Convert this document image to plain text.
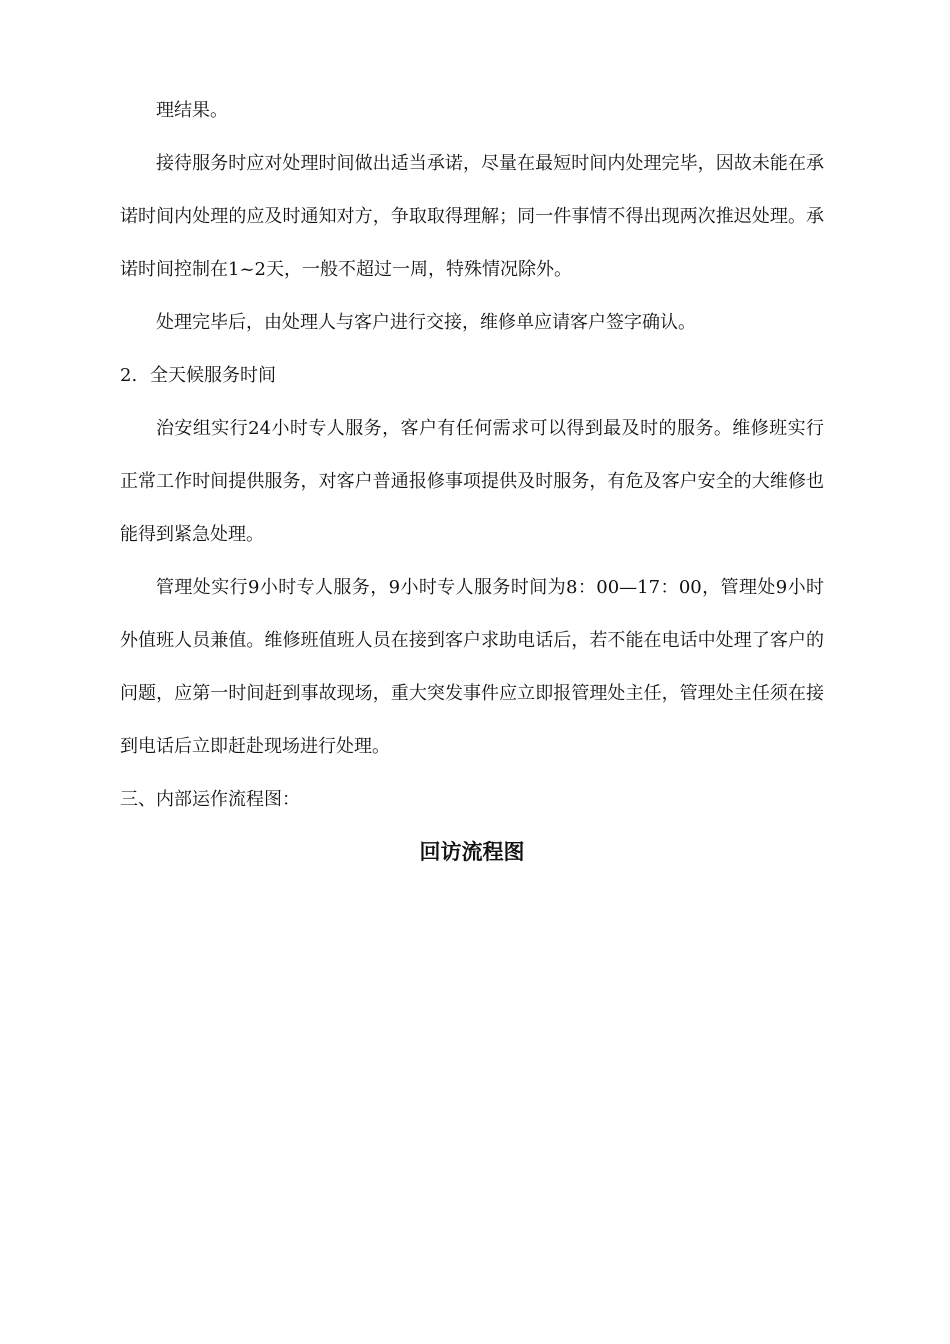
理结果。

接待服务时应对处理时间做出适当承诺，尽量在最短时间内处理完毕，因故未能在承诺时间内处理的应及时通知对方，争取取得理解；同一件事情不得出现两次推迟处理。承诺时间控制在1~2天，一般不超过一周，特殊情况除外。

处理完毕后，由处理人与客户进行交接，维修单应请客户签字确认。

2. 全天候服务时间

治安组实行24小时专人服务，客户有任何需求可以得到最及时的服务。维修班实行正常工作时间提供服务，对客户普通报修事项提供及时服务，有危及客户安全的大维修也能得到紧急处理。

管理处实行9小时专人服务，9小时专人服务时间为8：00—17：00，管理处9小时外值班人员兼值。维修班值班人员在接到客户求助电话后，若不能在电话中处理了客户的问题，应第一时间赶到事故现场，重大突发事件应立即报管理处主任，管理处主任须在接到电话后立即赶赴现场进行处理。

三、内部运作流程图：

回访流程图
